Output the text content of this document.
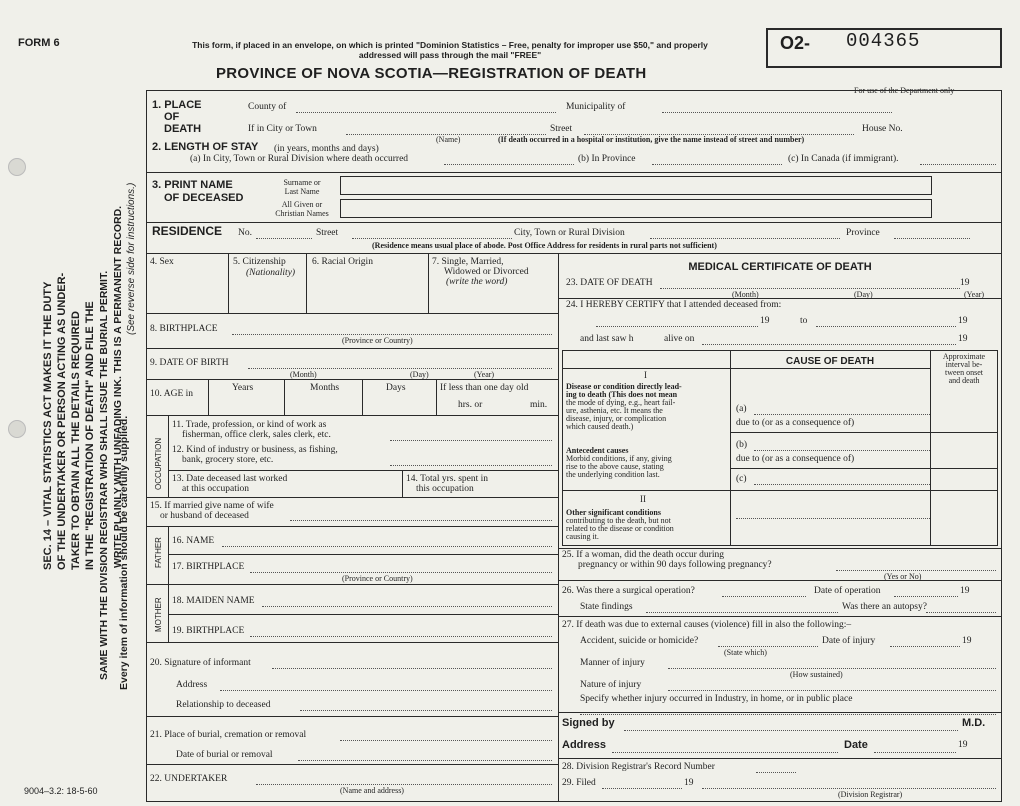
SEC. 14 – VITAL STATISTICS ACT MAKES IT THE DUTY OF THE UNDERTAKER OR PERSON ACTING AS UNDER- TAKER TO OBTAIN ALL THE DETAILS REQUIRED IN THE "REGISTRATION OF DEATH" AND FILE THE SAME WITH THE DIVISION REGISTRAR WHO SHALL ISSUE THE BURIAL PERMIT. WRITE PLAINLY WITH UNFADING INK. THIS IS A PERMANENT RECORD.
Every item of information should be carefully supplied.
(See reverse side for instructions.)
FORM 6	This form, if placed in an envelope, on which is printed "Dominion Statistics – Free, penalty for improper use $50," and properly addressed will pass through the mail "FREE"
PROVINCE OF NOVA SCOTIA—REGISTRATION OF DEATH
O2- 004365
For use of the Department only
1. PLACE
OF
DEATH
County of	Municipality of
If in City or Town
(Name)
Street	House No.
(If death occurred in a hospital or institution, give the name instead of street and number)
2. LENGTH OF STAY (in years, months and days)
(a) In City, Town or Rural Division where death occurred	(b) In Province	(c) In Canada (if immigrant).
3. PRINT NAME
OF DECEASED
Surname or
Last Name
All Given or
Christian Names
RESIDENCE No.	Street	City, Town or Rural Division	Province
(Residence means usual place of abode. Post Office Address for residents in rural parts not sufficient)
4. Sex	5. Citizenship
(Nationality)
6. Racial Origin	7. Single, Married,
Widowed or Divorced
(write the word)
8. BIRTHPLACE
(Province or Country)
9. DATE OF BIRTH
(Month)	(Day)	(Year)
10. AGE in
Years	Months	Days	If less than one day old
hrs. or	min.
OCCUPATION
11. Trade, profession, or kind of work as
fisherman, office clerk, sales clerk, etc.
12. Kind of industry or business, as fishing,
bank, grocery store, etc.
13. Date deceased last worked
at this occupation
14. Total yrs. spent in
this occupation
15. If married give name of wife
or husband of deceased
FATHER 16. NAME
17. BIRTHPLACE
(Province or Country)
MOTHER 18. MAIDEN NAME
19. BIRTHPLACE
20. Signature of informant
Address
Relationship to deceased
21. Place of burial, cremation or removal
Date of burial or removal
22. UNDERTAKER
(Name and address)
MEDICAL CERTIFICATE OF DEATH
23. DATE OF DEATH	19
(Month)	(Day)	(Year)
24. I HEREBY CERTIFY that I attended deceased from:
19	to	19
and last saw h	alive on	19
CAUSE OF DEATH	Approximate
interval be-
tween onset
and death
I
Disease or condition directly lead-
ing to death (This does not mean
the mode of dying, e.g., heart fail-
ure, asthenia, etc. It means the
disease, injury, or complication
which caused death.)
(a)
due to (or as a consequence of)
Antecedent causes
Morbid conditions, if any, giving
rise to the above cause, stating
the underlying condition last.
(b)
due to (or as a consequence of)
(c)
II
Other significant conditions
contributing to the death, but not
related to the disease or condition
causing it.
25. If a woman, did the death occur during
pregnancy or within 90 days following pregnancy?
(Yes or No)
26. Was there a surgical operation?	Date of operation	19
State findings	Was there an autopsy?
27. If death was due to external causes (violence) fill in also the following:–
Accident, suicide or homicide?	Date of injury	19
(State which)
Manner of injury
(How sustained)
Nature of injury
Specify whether injury occurred in Industry, in home, or in public place
Signed by	M.D.
Address	Date	19
28. Division Registrar's Record Number
29. Filed	19
(Division Registrar)
9004–3.2: 18-5-60
